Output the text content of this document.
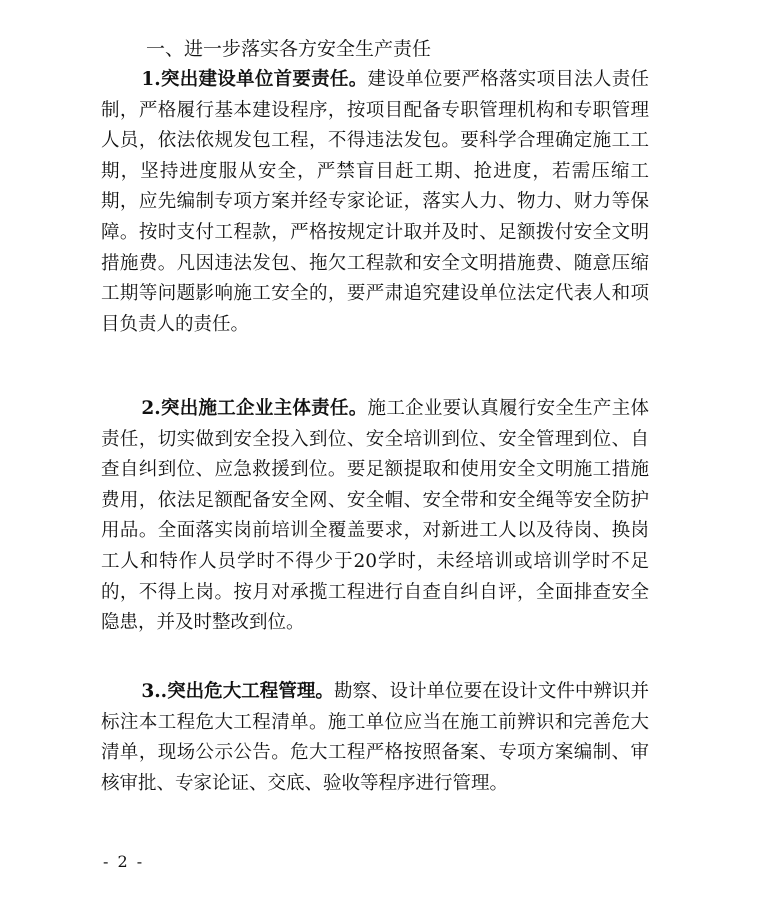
一、进一步落实各方安全生产责任

1.突出建设单位首要责任。建设单位要严格落实项目法人责任制，严格履行基本建设程序，按项目配备专职管理机构和专职管理人员，依法依规发包工程，不得违法发包。要科学合理确定施工工期，坚持进度服从安全，严禁盲目赶工期、抢进度，若需压缩工期，应先编制专项方案并经专家论证，落实人力、物力、财力等保障。按时支付工程款，严格按规定计取并及时、足额拨付安全文明措施费。凡因违法发包、拖欠工程款和安全文明措施费、随意压缩工期等问题影响施工安全的，要严肃追究建设单位法定代表人和项目负责人的责任。

2.突出施工企业主体责任。施工企业要认真履行安全生产主体责任，切实做到安全投入到位、安全培训到位、安全管理到位、自查自纠到位、应急救援到位。要足额提取和使用安全文明施工措施费用，依法足额配备安全网、安全帽、安全带和安全绳等安全防护用品。全面落实岗前培训全覆盖要求，对新进工人以及待岗、换岗工人和特作人员学时不得少于20学时，未经培训或培训学时不足的，不得上岗。按月对承揽工程进行自查自纠自评，全面排查安全隐患，并及时整改到位。

3..突出危大工程管理。勘察、设计单位要在设计文件中辨识并标注本工程危大工程清单。施工单位应当在施工前辨识和完善危大清单，现场公示公告。危大工程严格按照备案、专项方案编制、审核审批、专家论证、交底、验收等程序进行管理。

- 2 -
